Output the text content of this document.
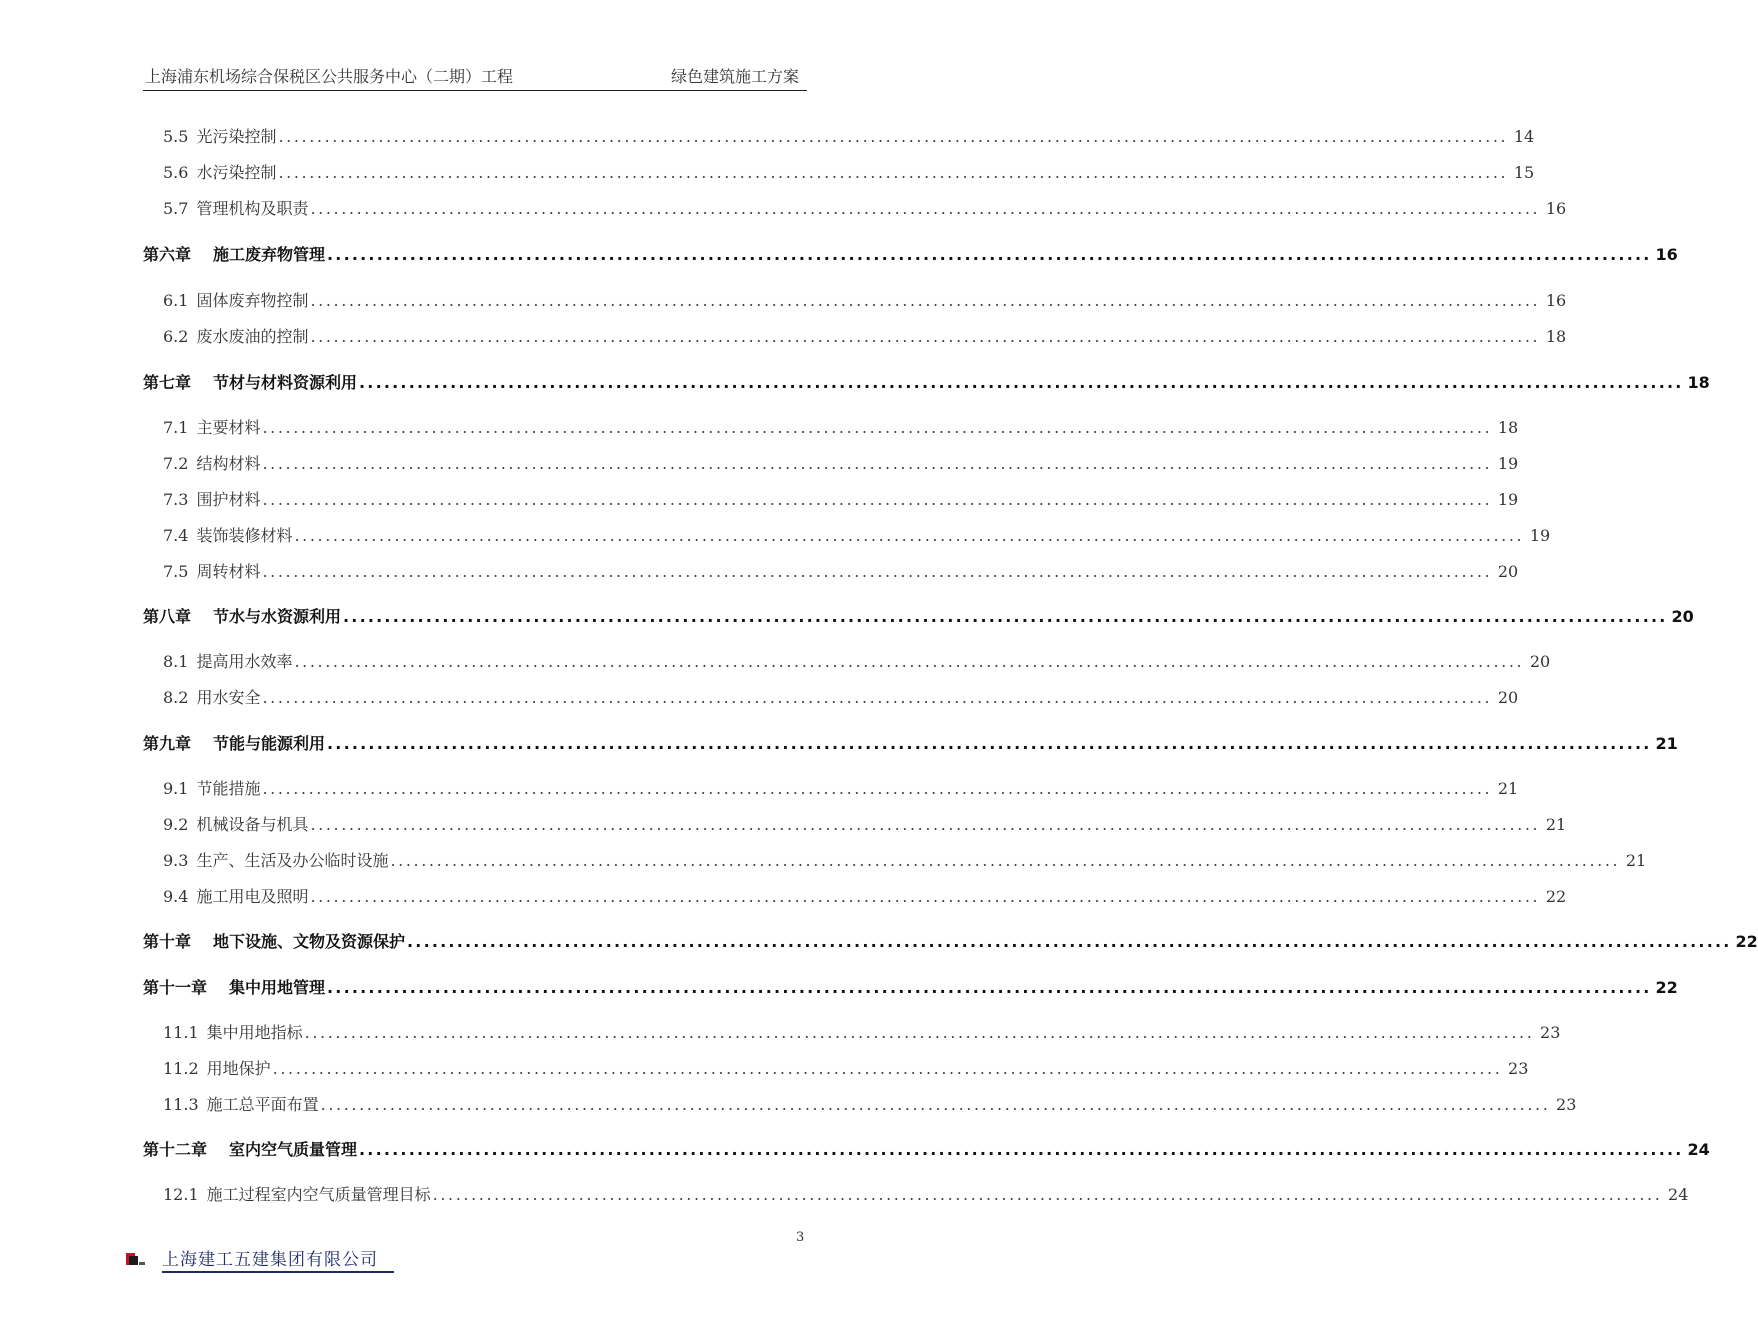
上海浦东机场综合保税区公共服务中心（二期）工程	绿色建筑施工方案
5.5 光污染控制 ................................................................................................................................................................ 14
5.6 水污染控制 ................................................................................................................................................................ 15
5.7 管理机构及职责 ................................................................................................................................................................ 16
第六章 施工废弃物管理 ................................................................................................................................................................ 16
6.1 固体废弃物控制 ................................................................................................................................................................ 16
6.2 废水废油的控制 ................................................................................................................................................................ 18
第七章 节材与材料资源利用 ................................................................................................................................................................ 18
7.1 主要材料 ................................................................................................................................................................ 18
7.2 结构材料 ................................................................................................................................................................ 19
7.3 围护材料 ................................................................................................................................................................ 19
7.4 装饰装修材料 ................................................................................................................................................................ 19
7.5 周转材料 ................................................................................................................................................................ 20
第八章 节水与水资源利用 ................................................................................................................................................................ 20
8.1 提高用水效率 ................................................................................................................................................................ 20
8.2 用水安全 ................................................................................................................................................................ 20
第九章 节能与能源利用 ................................................................................................................................................................ 21
9.1 节能措施 ................................................................................................................................................................ 21
9.2 机械设备与机具 ................................................................................................................................................................ 21
9.3 生产、生活及办公临时设施 ................................................................................................................................................................ 21
9.4 施工用电及照明 ................................................................................................................................................................ 22
第十章 地下设施、文物及资源保护 ................................................................................................................................................................ 22
第十一章 集中用地管理 ................................................................................................................................................................ 22
11.1 集中用地指标 ................................................................................................................................................................ 23
11.2 用地保护 ................................................................................................................................................................ 23
11.3 施工总平面布置 ................................................................................................................................................................ 23
第十二章 室内空气质量管理 ................................................................................................................................................................ 24
12.1 施工过程室内空气质量管理目标 ................................................................................................................................................................ 24
3
上海建工五建集团有限公司
